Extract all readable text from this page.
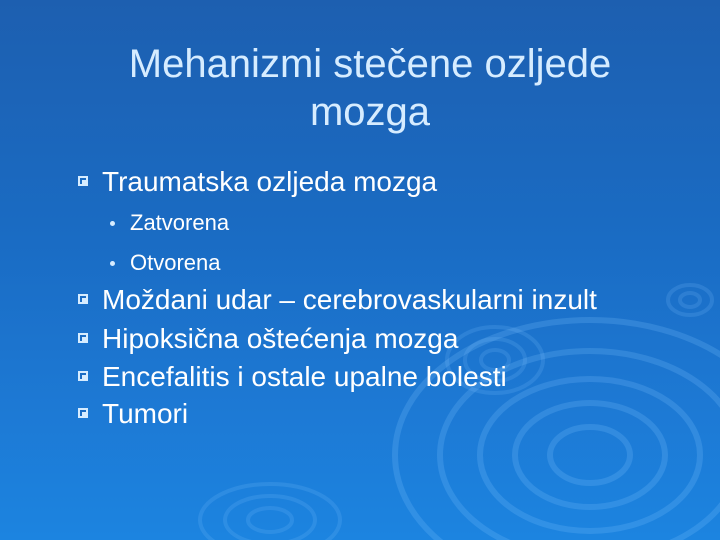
Mehanizmi stečene ozljede
mozga
Traumatska ozljeda mozga
Zatvorena
Otvorena
Moždani udar – cerebrovaskularni inzult
Hipoksična oštećenja mozga
Encefalitis i ostale upalne bolesti
Tumori
